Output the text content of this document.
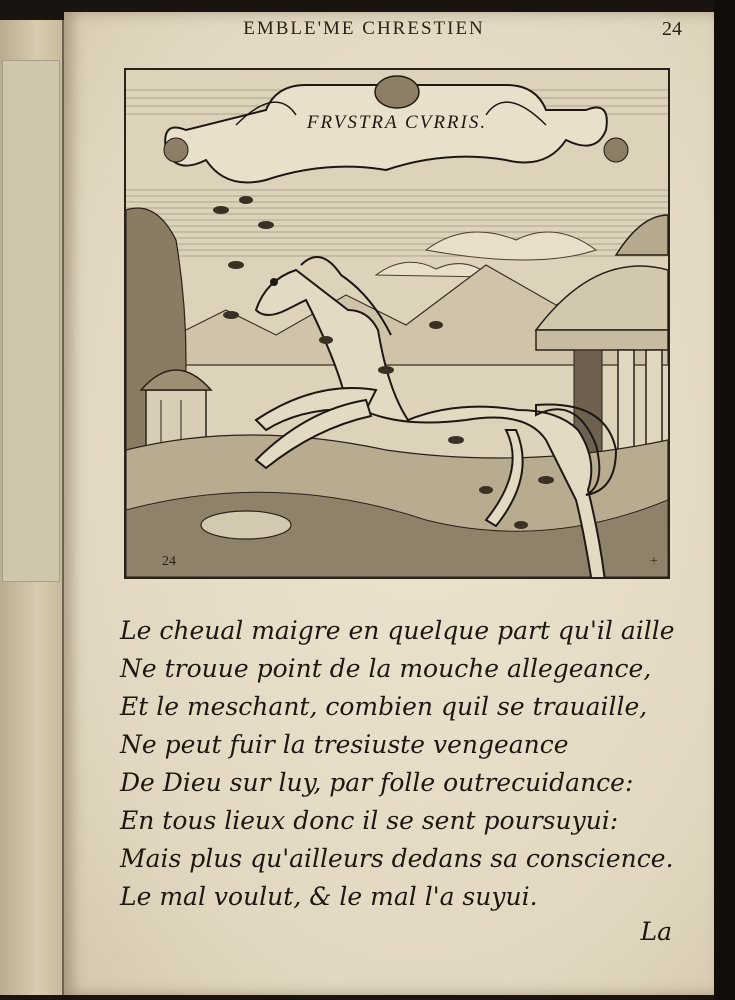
EMBLE'ME CHRESTIEN	24
FRVSTRA CVRRIS.
24	+
Le cheual maigre en quelque part qu'il aille
Ne trouue point de la mouche allegeance,
Et le meschant, combien quil se trauaille,
Ne peut fuir la tresiuste vengeance
De Dieu sur luy, par folle outrecuidance:
En tous lieux donc il se sent poursuyui:
Mais plus qu'ailleurs dedans sa conscience.
Le mal voulut, & le mal l'a suyui.
La
